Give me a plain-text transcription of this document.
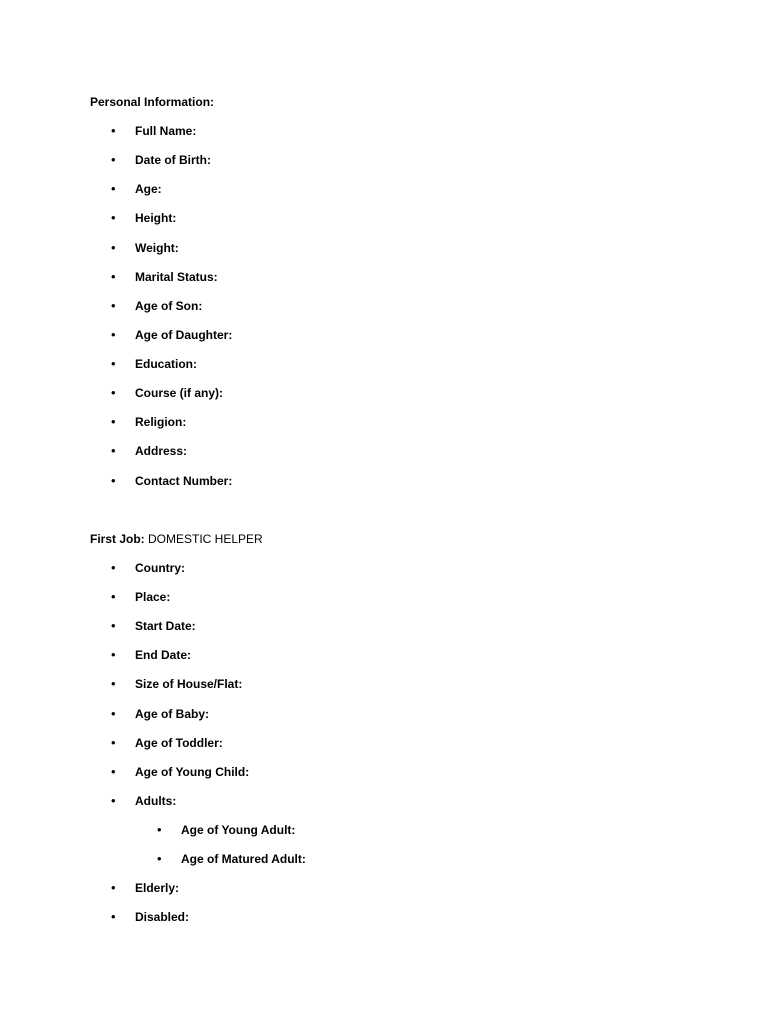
Personal Information:
•	Full Name:
•	Date of Birth:
•	Age:
•	Height:
•	Weight:
•	Marital Status:
•	Age of Son:
•	Age of Daughter:
•	Education:
•	Course (if any):
•	Religion:
•	Address:
•	Contact Number:
First Job: DOMESTIC HELPER
•	Country:
•	Place:
•	Start Date:
•	End Date:
•	Size of House/Flat:
•	Age of Baby:
•	Age of Toddler:
•	Age of Young Child:
•	Adults:
•	Age of Young Adult:
•	Age of Matured Adult:
•	Elderly:
•	Disabled:
